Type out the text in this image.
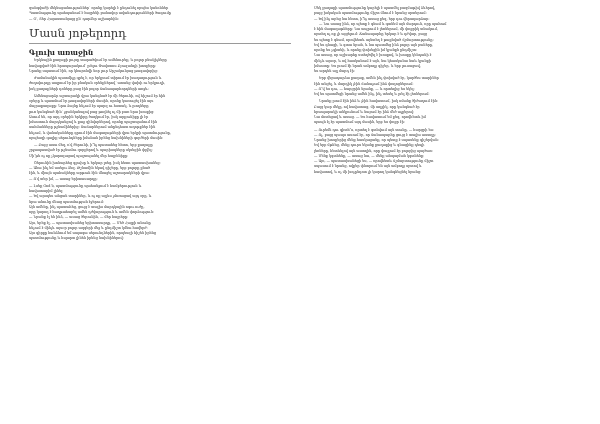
զանգվածի մեկնաբանություններ՝ որոնք կարելի է ընդունել որպես կանոններ
Պատմությունը պահպանում է հայրենի բանավոր ավանդությունների ծագումը
— Օ՛, Տեր Հայաստանյայց ըն՛ դարձեր աշխարհին:
Մասն յոթերորդ
Գլուխ առաջին
Երկնային քաղաքի լույսը տարածվում էր ամենուրեք, և բոլոր բնակիչները
հավաքված էին հրապարակում՝ լսելու Փավստոս Բյուզանդի խոսքերը:
Նրանք սպասում էին, որ կհայտնվի նոր լուր Արշակունյաց թագավորից:
Ժամանակին պատմիչը գրել է, որ երկրում տիրում էր խաղաղություն և
ժողովուրդը ապրում էր իր բնական օրենքներով՝ առանց վախի ու երկյուղի,
իսկ քաղաքների դռները բաց էին բոլոր ճանապարհորդների առջև:
Ամենաբարձր աշտարակի վրա կանգնած էր մի ծերունի, ով հիշում էր հին
օրերը և պատմում էր թագավորների մասին, որոնք կառուցել էին այս
մայրաքաղաքը: Նրա ձայնը հնչում էր պարզ ու հստակ, և լսողները
լուռ կանգնած էին՝ չցանկանալով բաց թողնել ոչ մի բառ նրա խոսքից:
Ասում են, որ այդ օրերին երկիրը ծաղկում էր, իսկ արքունիքը լի էր
իմաստուն մարդկանցով և քաջ զինվորներով, որոնք պաշտպանում էին
սահմանները թշնամիներից: Տաճարներում անընդհատ աղոթքներ էին
հնչում, և վանականները գրում էին մագաղաթների վրա երկրի պատմությունը,
որպեսզի գալիք սերունդները իմանան իրենց նախնիների գործերի մասին:
— Բայց ասա մեզ, ո՛վ ծերունի, ի՞նչ պատահեց հետո, երբ քաղաքը
շրջապատված էր թշնամու զորքերով և պարիսպները սկսեցին փլվել:
Մի՞թե ոչ ոք չկարողացավ պաշտպանել մեր հայրենիքը:
Ծերունին խոնարհեց գլուխը և երկար լռեց, իսկ հետո պատասխանեց:
— Ահա ինչ եմ ասելու ձեզ. Թշնամին եկավ գիշերը, երբ բոլորը քնած
էին, և միայն պահակները արթուն էին մնացել աշտարակների վրա:
— Ո՛վ տեր իմ, — ասաց երիտասարդը:
— Լսեք Gnd ն, պատմությունը պահանջում է համբերություն և
հավատարիմ լինել:
— Եվ այսպես անցան տարիներ, և ոչ ոք այլևս չմոռացավ այդ օրը, և
նրա անունը մնաց պատմության էջերում:
Այն ամենը, ինչ պատահեց, ցույց է տալիս մարդկային ոգու ուժը,
որը կարող է հաղթահարել ամեն դժվարություն և ամեն փորձություն:
— Նրանք էլ են ինձ, — ասաց ծերունին, — մեր հայրերը:
Այս, երեք էլ, — պատասխանեց երիտասարդը, — Մեծ Հայքի անունը
հնչում է մինչև այսօր բոլոր ազգերի մեջ և ընդմիշտ կմնա հավերժ:
Այս գիրքը հանձնում եմ ապագա սերունդներին, որպեսզի հիշեն իրենց
պատմությունը և հպարտ լինեն իրենց նախնիներով:
Մեկ քաղաքի պատմությունը կարելի է պատմել բազմաթիվ ձևերով,
բայց իսկական պատմությունը միշտ մնում է նրանց սրտերում:
— Եվ ինչ արեց նա հետո, ի՞նչ ասաց քեզ, երբ դու վերադարձար:
— Նա ասաց ինձ, որ պետք է գնամ և գտնեմ այն մարդուն, որը պահում
է հին մագաղաթները: Նա ապրում է լեռներում, մի փոքրիկ տնակում,
որտեղ ոչ ոք չի այցելում: Ճանապարհը երկար է և դժվար, բայց
ես պետք է գնամ, որովհետև այնտեղ է թաքնված ճշմարտությունը:
Եվ ես գնացի, և գտա նրան, և նա պատմեց ինձ բոլոր այն բաները,
որոնք ես չգիտեի, և որոնք փոխեցին իմ կյանքն ընդմիշտ:
Նա ասաց, որ աշխարհը ստեղծվել է խոսքով, և խոսքը կենդանի է
մինչև այսօր, և ով հասկանում է այն, նա կհասկանա նաև կյանքի
իմաստը: Ես լսում էի նրան ամբողջ գիշեր, և երբ լուսացավ,
ես արդեն այլ մարդ էի:
Երբ վերադարձա քաղաք, ամեն ինչ փոխված էր, կարծես տարիներ
էին անցել, և մարդիկ չէին ճանաչում ինձ փողոցներում:
— Ո՞վ ես դու, — հարցրին նրանք, — և որտեղից ես եկել:
Եվ ես պատմեցի նրանց ամեն ինչ, ինչ տեսել և լսել էի լեռներում:
Նրանք լսում էին ինձ և չէին հավատում, իսկ ոմանք ծիծաղում էին:
Բայց կար մեկը, ով հավատաց, մի աղջիկ, որը կանգնած էր
հրապարակի անկյունում և նայում էր ինձ մեծ աչքերով:
Նա մոտեցավ և ասաց. — Ես հավատում եմ քեզ, որովհետև իմ
պապն էլ էր պատմում այդ մասին, երբ ես փոքր էի:
— Ուրեմն դու գիտե՞ս, որտեղ է գտնվում այն տունը, — հարցրի ես:
— Ոչ, բայց պապս ասում էր, որ ճանապարհը ցույց է տալիս աստղը:
Նրանց խոսքերից մենք հասկացանք, որ պետք է սպասենք գիշերվան:
Եվ երբ մթնեց, մենք դուրս եկանք քաղաքից և գնացինք դեպի
լեռները, հետևելով այն աստղին, որը փայլում էր բոլորից պայծառ:
— Մենք կգտնենք, — ասաց նա, — մենք անպայման կգտնենք:
— Այո, — պատասխանեցի ես, — որովհետև ճշմարտությունը միշտ
սպասում է նրանց, ովքեր փնտրում են այն ամբողջ սրտով և
հավատով, և ոչ մի խոչընդոտ չի կարող կանգնեցնել նրանց:
